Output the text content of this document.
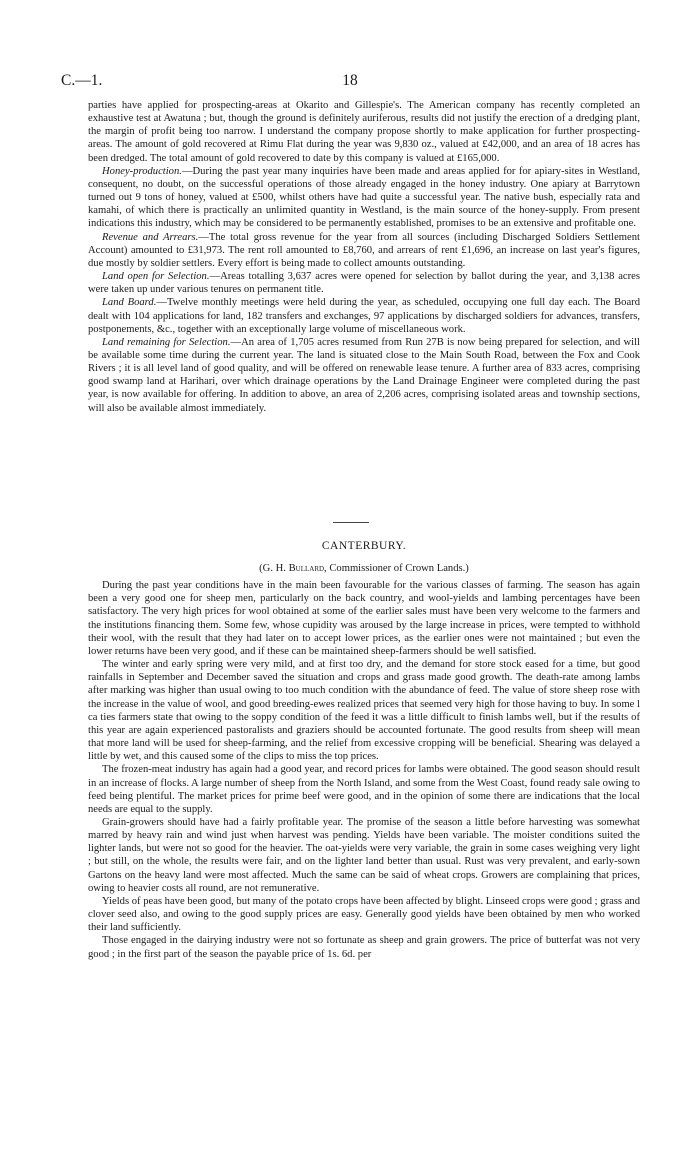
C.—1.	18

parties have applied for prospecting-areas at Okarito and Gillespie's. The American company has recently completed an exhaustive test at Awatuna ; but, though the ground is definitely auriferous, results did not justify the erection of a dredging plant, the margin of profit being too narrow. I understand the company propose shortly to make application for further prospecting-areas. The amount of gold recovered at Rimu Flat during the year was 9,830 oz., valued at £42,000, and an area of 18 acres has been dredged. The total amount of gold recovered to date by this company is valued at £165,000.

Honey-production.—During the past year many inquiries have been made and areas applied for for apiary-sites in Westland, consequent, no doubt, on the successful operations of those already engaged in the honey industry. One apiary at Barrytown turned out 9 tons of honey, valued at £500, whilst others have had quite a successful year. The native bush, especially rata and kamahi, of which there is practically an unlimited quantity in Westland, is the main source of the honey-supply. From present indications this industry, which may be considered to be permanently established, promises to be an extensive and profitable one.

Revenue and Arrears.—The total gross revenue for the year from all sources (including Discharged Soldiers Settlement Account) amounted to £31,973. The rent roll amounted to £8,760, and arrears of rent £1,696, an increase on last year's figures, due mostly by soldier settlers. Every effort is being made to collect amounts outstanding.

Land open for Selection.—Areas totalling 3,637 acres were opened for selection by ballot during the year, and 3,138 acres were taken up under various tenures on permanent title.

Land Board.—Twelve monthly meetings were held during the year, as scheduled, occupying one full day each. The Board dealt with 104 applications for land, 182 transfers and exchanges, 97 applications by discharged soldiers for advances, transfers, postponements, &c., together with an exceptionally large volume of miscellaneous work.

Land remaining for Selection.—An area of 1,705 acres resumed from Run 27B is now being prepared for selection, and will be available some time during the current year. The land is situated close to the Main South Road, between the Fox and Cook Rivers ; it is all level land of good quality, and will be offered on renewable lease tenure. A further area of 833 acres, comprising good swamp land at Harihari, over which drainage operations by the Land Drainage Engineer were completed during the past year, is now available for offering. In addition to above, an area of 2,206 acres, comprising isolated areas and township sections, will also be available almost immediately.

CANTERBURY.

(G. H. Bullard, Commissioner of Crown Lands.)

During the past year conditions have in the main been favourable for the various classes of farming. The season has again been a very good one for sheep men, particularly on the back country, and wool-yields and lambing percentages have been satisfactory. The very high prices for wool obtained at some of the earlier sales must have been very welcome to the farmers and the institutions financing them. Some few, whose cupidity was aroused by the large increase in prices, were tempted to withhold their wool, with the result that they had later on to accept lower prices, as the earlier ones were not maintained ; but even the lower returns have been very good, and if these can be maintained sheep-farmers should be well satisfied.

The winter and early spring were very mild, and at first too dry, and the demand for store stock eased for a time, but good rainfalls in September and December saved the situation and crops and grass made good growth. The death-rate among lambs after marking was higher than usual owing to too much condition with the abundance of feed. The value of store sheep rose with the increase in the value of wool, and good breeding-ewes realized prices that seemed very high for those having to buy. In some l ca ties farmers state that owing to the soppy condition of the feed it was a little difficult to finish lambs well, but if the results of this year are again experienced pastoralists and graziers should be accounted fortunate. The good results from sheep will mean that more land will be used for sheep-farming, and the relief from excessive cropping will be beneficial. Shearing was delayed a little by wet, and this caused some of the clips to miss the top prices.

The frozen-meat industry has again had a good year, and record prices for lambs were obtained. The good season should result in an increase of flocks. A large number of sheep from the North Island, and some from the West Coast, found ready sale owing to feed being plentiful. The market prices for prime beef were good, and in the opinion of some there are indications that the local needs are equal to the supply.

Grain-growers should have had a fairly profitable year. The promise of the season a little before harvesting was somewhat marred by heavy rain and wind just when harvest was pending. Yields have been variable. The moister conditions suited the lighter lands, but were not so good for the heavier. The oat-yields were very variable, the grain in some cases weighing very light ; but still, on the whole, the results were fair, and on the lighter land better than usual. Rust was very prevalent, and early-sown Gartons on the heavy land were most affected. Much the same can be said of wheat crops. Growers are complaining that prices, owing to heavier costs all round, are not remunerative.

Yields of peas have been good, but many of the potato crops have been affected by blight. Linseed crops were good ; grass and clover seed also, and owing to the good supply prices are easy. Generally good yields have been obtained by men who worked their land sufficiently.

Those engaged in the dairying industry were not so fortunate as sheep and grain growers. The price of butterfat was not very good ; in the first part of the season the payable price of 1s. 6d. per
